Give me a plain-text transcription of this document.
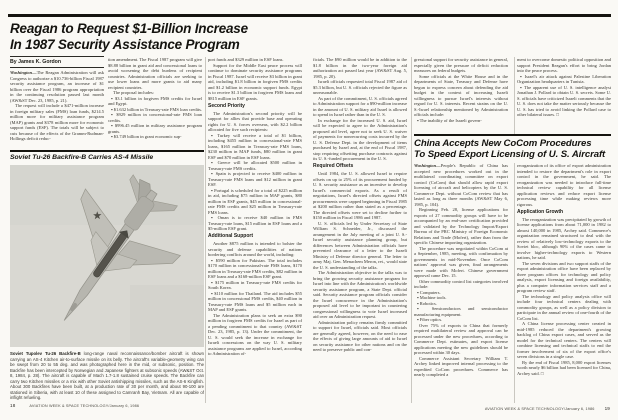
Reagan to Request $1-Billion Increase
In 1987 Security Assistance Program
By James K. Gordon
Washington—The Reagan Administration will ask Congress to authorize a $10.736-billion Fiscal 1987 security assistance program, an increase of $1 billion over the Fiscal 1986 program appropriation in the continuing resolution passed last month (AW&ST Dec. 23, 1985, p. 21).
The request will include a $471-million increase in foreign military sales (FMS) loan funds, $214.5 million more for military assistance program (MAP) grants and $378 million more for economic support funds (ESF). The totals will be subject to cuts because of the effects of the Gramm-Rudman-Hollings deficit reduc-
tion amendment. The Fiscal 1987 program will give $8.88 billion in grant aid and concessional loans to avoid worsening the debt burdens of recipient countries. Administration officials are seeking to use lower loans and more grants to aid many recipient countries.
The proposal includes:
▪ $3.1 billion in forgiven FMS credits for Israel and Egypt.
▪ $1.632 billion in Treasury-rate FMS loan credits.
▪ $929 million in concessional-rate FMS loan credits.
▪ $996.45 million in military assistance program grants.
▪ $3.749 billion in grant economic sup-
port funds and $329 million in ESF loans.
Support for the Middle East peace process will continue to dominate security assistance programs in Fiscal 1987. Israel will receive $3 billion in grant aid, including $1.8 billion in forgiven FMS credits and $1.2 billion in economic support funds. Egypt is to receive $1.3 billion in forgiven FMS loans and $815 million in ESF grants.
Second Priority
The Administration's second priority will be support for allies that provide base and operating rights for U. S. forces overseas, with $2.2 billion allocated for five such recipients:
▪ Turkey will receive a total of $1 billion, including $455 million in concessional-rate FMS loans, $165 million in Treasury-rate FMS loans, $230 million in MAP funds, $80 million in grant ESF and $70 million in ESF loans.
▪ Greece will be allocated $500 million in Treasury-rate FMS credits.
▪ Spain is projected to receive $400 million in Treasury-rate FMS loans and $12 million in grant ESF.
▪ Portugal is scheduled for a total of $225 million in aid, including $75 million in MAP grants, $80 million in ESF grants, $45 million in concessional-rate FMS credits and $25 million in Treasury-rate FMS loans.
▪ Oman is to receive $40 million in FMS Treasury-rate loans, $15 million in ESF loans and a $5-million ESF grant.
Additional Support
Another $875 million is intended to bolster the security and defense capabilities of nations bordering conflicts around the world, including:
▪ $590 million for Pakistan. The total includes $170 million in concessional-rate FMS loans, $170 million in Treasury-rate FMS credits, $82 million in ESF loans and a $168-million ESF grant.
▪ $175 million in Treasury-rate FMS credits for South Korea.
▪ $110 million for Thailand. The aid includes $55 million in concessional FMS credits, $40 million in Treasury-rate FMS loans and $5 million each in MAP and ESF grants.
The Administration plans to seek an extra $90 million in forgiven FMS credits for Israel as part of a pending commitment to that country (AW&ST Dec. 23, 1985, p. 13). Under the commitment, the U. S. would seek the increase in exchange for Israeli concessions on the way U. S. military assistance programs are applied to Israel, according to Administration of-
ficials. The $90 million would be in addition to the $1.8 billion in the two-year foreign aid authorization act passed last year (AW&ST Aug. 5, 1985, p. 20).
Israeli officials requested total Fiscal 1987 aid of $5.3 billion, but U. S. officials rejected the figure as unreasonable.
As part of the commitment, U. S. officials agreed to Administration support for a $90-million increase in the amount of U. S. military aid Israel is allowed to spend in Israel rather than in the U. S.
In exchange for the increased U. S. aid, Israel will be expected to agree to the Administration's proposed aid level, agree not to seek U. S. waiver of payments for nonrecurring costs incurred by the U. S. Defense Dept. in the development of items purchased by Israel and, at the end of Fiscal 1987, stop requiring offsetting purchase contracts against its U. S.-funded procurement in the U. S.
Required Offsets
Until 1984, the U. S. allowed Israel to require offsets on up to 25% of its procurement funded by U. S. security assistance as an incentive to develop Israel's commercial exports. As a result of negotiations, Israel's directed offsets against FMS procurements were capped beginning in Fiscal 1985 at $200 million rather than stated as a percentage. The directed offsets were set to decline further to $150 million in Fiscal 1986 and 1987.
U. S. officials led by Under Secretary of State William S. Schneider, Jr., discussed the arrangement in the July meeting of a joint U. S.-Israel security assistance planning group, but differences between Administration officials have prevented clearance of a letter to the Israeli Ministry of Defense director general. The letter to army Maj. Gen. Menachem Meron, ret., would state the U. S. understanding of the talks.
The Administration objective in the talks was to bring the growing security assistance program for Israel into line with the Administration's worldwide security assistance program, a State Dept. official said. Security assistance program officials consider the Israel concurrence in the Administration's proposed aid level to be important in countering congressional willingness to vote Israel increased aid over an Administration request.
Administration policy remains firmly committed to support for Israel, officials said. Most officials are generally agreed, however, on the need to ease the effects of giving large amounts of aid to Israel on security assistance for other nations and on the need to preserve public and con-
gressional support for security assistance in general, especially given the pressure of deficit reduction measures on federal budgets.
Some officials at the White House and in the departments of State, Treasury and Defense have begun to express concern about defending the aid budget in the context of increasing Israeli willingness to pursue Israel's interests without regard for U. S. interests. Recent strains on the U. S.-Israel relationship mentioned by Administration officials include:
▪ The inability of the Israeli govern-
ment to overcome domestic political opposition and support President Reagan's effort to bring Jordan into the peace process.
▪ Israel's air attack against Palestine Liberation Organization headquarters in Tunisia.
▪ The apparent use of U. S. intelligence analyst Jonathan J. Pollard to obtain U. S. secrets. Some U. S. officials have criticized Israeli comments that the U. S. does not take the matter seriously because the U. S. has tried to avoid linking the Pollard case to other bilateral issues. □
Soviet Tu-26 Backfire-B Carries AS-4 Missile
Soviet Tupolev Tu-26 Backfire-B long-range naval reconnaissance/bomber aircraft is shown carrying an AS-4 Kitchen air-to-surface missile on its belly. The aircraft's variable-geometry wing can be swept from 20 to 55 deg. and was photographed here in the mid, or subsonic, position. The Backfire has been intercepted by Norwegian and Japanese fighters at subsonic speeds (AW&ST Oct. 8, 1984, p. 28). The aircraft is capable of Mach 1.7-1.8 sustained cruise speeds. The Backfire can carry two Kitchen missiles or a mix with other Soviet antishipping missiles, such as the AS-6 Kingfish. About 300 Backfires have been built, at a production rate of 30 per month, and about 90-100 are stationed in Siberia, with at least 10 of these assigned to Camranh Bay, Vietnam. All are capable of inflight refueling.
China Accepts New CoCom Procedures
To Speed Export Licensing of U. S. Aircraft
Washington—People's Republic of China has accepted new procedures worked out in the multilateral coordinating committee on export control (CoCom) that should allow rapid export licensing of aircraft and helicopters by the U. S. Commerce Dept. without CoCom review that has lasted as long as three months (AW&ST May 6, 1985, p. 104).
Beginning Feb. 28, license applications for exports of 27 commodity groups will have to be accompanied by an end-user certification provided and validated by the Technology Import/Export Bureau of the PRC Ministry of Foreign Economic Relations and Trade (Mofert), rather than from the specific Chinese importing organization.
The procedure was negotiated within CoCom at a September, 1985, meeting, with confirmation by governments in mid-November. Once CoCom nations' approval was given, final arrangements were made with Mofert. Chinese government approval came Dec. 15.
Other commodity control list categories involved include:
▪ Computers.
▪ Machine tools.
▪ Robotics.
▪ Semiconductors and semiconductor manufacturing equipment.
▪ Fiber optics.
Over 75% of exports to China that formerly required multilateral review and approval can be processed under the new procedures, according to Commerce Dept. estimates, and export license applications meeting the new guidelines should be processed within 30 days.
Commerce Assistant Secretary William T. Archey linked improved internal processing to the expedited CoCom procedures. Commerce has nearly completed a
reorganization of its office of export administration intended to restore the department's role in export control in the government, he said. The reorganization was needed to introduce full-time technical review capability for all license application reviews and reduce export license processing time while making reviews more rigorous.
Application Growth
The reorganization was precipitated by growth of license applications from about 71,000 in 1982 to almost 140,000 in 1985, Archey said. Commerce's organization remained structured to deal with the review of relatively low-technology exports to the Soviet bloc, although 90% of the cases came to involve higher-technology exports to Western nations, he said.
The seven divisions and two support staffs of the export administration office have been replaced by three program offices for technology and policy analysis, export licensing and foreign availability, plus a computer information services staff and a program review staff.
The technology and policy analysis office will include four technical centers dealing with commodity groups, as well as a policy division to participate in the annual review of one-fourth of the CoCom list.
A China license processing center created in mid-1985 reduced the department's growing backlog of China export cases, and served as the model for the technical centers. The centers will combine licensing and technical staffs to end the former involvement of six of the export office's seven divisions in a single case.
By the end of Fiscal 1985, 8,000 export licenses worth nearly $6 billion had been licensed for China, Archey said. □
18	AVIATION WEEK & SPACE TECHNOLOGY/January 6, 1986
AVIATION WEEK & SPACE TECHNOLOGY/January 6, 1986 19
